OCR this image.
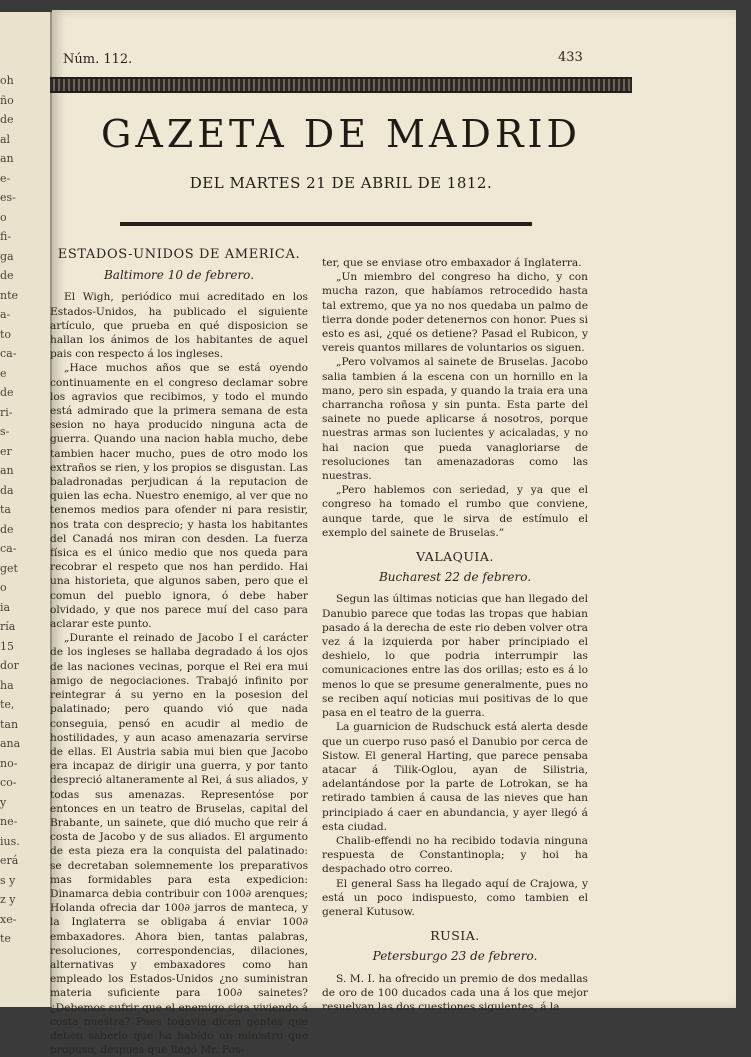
oh
ño
de
al
an
e-
es-
o
fi-
ga
de
nte
a-
to
ca-
e
de
ri-
s-
er
an
da
ta
de
ca-
get
o
ia
ría
15
dor
ha
te,
tan
ana
no-
co-
y
ne-
ius.
erá
s y
z y
xe-
te
Núm. 112.	433
GAZETA DE MADRID
DEL MARTES 21 DE ABRIL DE 1812.

ESTADOS-UNIDOS DE AMERICA.

Baltimore 10 de febrero.

El Wigh, periódico mui acreditado en los Estados-Unidos, ha publicado el siguiente artículo, que prueba en qué disposicion se hallan los ánimos de los habitantes de aquel pais con respecto á los ingleses.

„Hace muchos años que se está oyendo continuamente en el congreso declamar sobre los agravios que recibimos, y todo el mundo está admirado que la primera semana de esta sesion no haya producido ninguna acta de guerra. Quando una nacion habla mucho, debe tambien hacer mucho, pues de otro modo los extraños se rien, y los propios se disgustan. Las baladronadas perjudican á la reputacion de quien las echa. Nuestro enemigo, al ver que no tenemos medios para ofender ni para resistir, nos trata con desprecio; y hasta los habitantes del Canadá nos miran con desden. La fuerza física es el único medio que nos queda para recobrar el respeto que nos han perdido. Hai una historieta, que algunos saben, pero que el comun del pueblo ignora, ó debe haber olvidado, y que nos parece muí del caso para aclarar este punto.

„Durante el reinado de Jacobo I el carácter de los ingleses se hallaba degradado á los ojos de las naciones vecinas, porque el Rei era mui amigo de negociaciones. Trabajó infinito por reintegrar á su yerno en la posesion del palatinado; pero quando vió que nada conseguia, pensó en acudir al medio de hostilidades, y aun acaso amenazaria servirse de ellas. El Austria sabia mui bien que Jacobo era incapaz de dirigir una guerra, y por tanto despreció altaneramente al Rei, á sus aliados, y todas sus amenazas. Representóse por entonces en un teatro de Bruselas, capital del Brabante, un sainete, que dió mucho que reir á costa de Jacobo y de sus aliados. El argumento de esta pieza era la conquista del palatinado: se decretaban solemnemente los preparativos mas formidables para esta expedicion: Dinamarca debia contribuir con 100∂ arenques; Holanda ofrecia dar 100∂ jarros de manteca, y la Inglaterra se obligaba á enviar 100∂ embaxadores. Ahora bien, tantas palabras, resoluciones, correspondencias, dilaciones, alternativas y embaxadores como han empleado los Estados-Unidos ¿no suministran materia suficiente para 100∂ sainetes? ¿Debemos sufrir que el enemigo siga viviendo á costa nuestra? Pues todavia dicen gentes que deben saberlo que ha habido un ministro que propuso, despues que llegó Mr. Fos-

ter, que se enviase otro embaxador á Inglaterra.

„Un miembro del congreso ha dicho, y con mucha razon, que habíamos retrocedido hasta tal extremo, que ya no nos quedaba un palmo de tierra donde poder detenernos con honor. Pues si esto es asi, ¿qué os detiene? Pasad el Rubicon, y vereis quantos millares de voluntarios os siguen.

„Pero volvamos al sainete de Bruselas. Jacobo salia tambien á la escena con un hornillo en la mano, pero sin espada, y quando la traia era una charrancha roñosa y sin punta. Esta parte del sainete no puede aplicarse á nosotros, porque nuestras armas son lucientes y acicaladas, y no hai nacion que pueda vanagloriarse de resoluciones tan amenazadoras como las nuestras.

„Pero hablemos con seriedad, y ya que el congreso ha tomado el rumbo que conviene, aunque tarde, que le sirva de estímulo el exemplo del sainete de Bruselas.”

VALAQUIA.

Bucharest 22 de febrero.

Segun las últimas noticias que han llegado del Danubio parece que todas las tropas que habian pasado á la derecha de este rio deben volver otra vez á la izquierda por haber principiado el deshielo, lo que podria interrumpir las comunicaciones entre las dos orillas; esto es á lo menos lo que se presume generalmente, pues no se reciben aquí noticias mui positivas de lo que pasa en el teatro de la guerra.

La guarnicion de Rudschuck está alerta desde que un cuerpo ruso pasó el Danubio por cerca de Sistow. El general Harting, que parece pensaba atacar á Tilik-Oglou, ayan de Silistria, adelantándose por la parte de Lotrokan, se ha retirado tambien á causa de las nieves que han principiado á caer en abundancia, y ayer llegó á esta ciudad.

Chalib-effendi no ha recibido todavia ninguna respuesta de Constantinopla; y hoi ha despachado otro correo.

El general Sass ha llegado aquí de Crajowa, y está un poco indispuesto, como tambien el general Kutusow.

RUSIA.

Petersburgo 23 de febrero.

S. M. I. ha ofrecido un premio de dos medallas de oro de 100 ducados cada una á los que mejor resuelvan las dos cuestiones siguientes, á la
